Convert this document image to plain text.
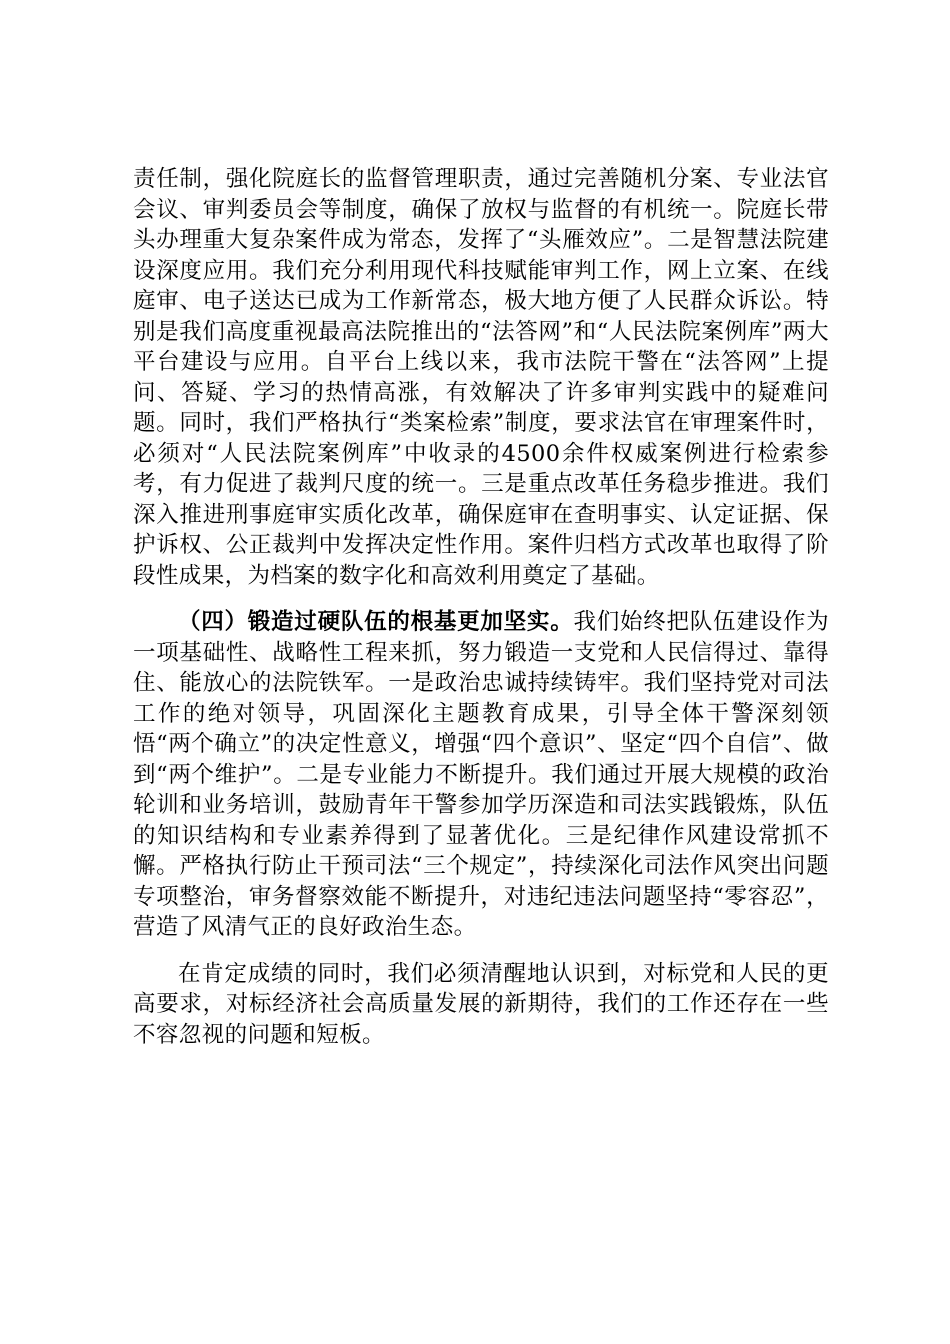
责任制，强化院庭长的监督管理职责，通过完善随机分案、专业法官会议、审判委员会等制度，确保了放权与监督的有机统一。院庭长带头办理重大复杂案件成为常态，发挥了“头雁效应”。二是智慧法院建设深度应用。我们充分利用现代科技赋能审判工作，网上立案、在线庭审、电子送达已成为工作新常态，极大地方便了人民群众诉讼。特别是我们高度重视最高法院推出的“法答网”和“人民法院案例库”两大平台建设与应用。自平台上线以来，我市法院干警在“法答网”上提问、答疑、学习的热情高涨，有效解决了许多审判实践中的疑难问题。同时，我们严格执行“类案检索”制度，要求法官在审理案件时，必须对“人民法院案例库”中收录的4500余件权威案例进行检索参考，有力促进了裁判尺度的统一。三是重点改革任务稳步推进。我们深入推进刑事庭审实质化改革，确保庭审在查明事实、认定证据、保护诉权、公正裁判中发挥决定性作用。案件归档方式改革也取得了阶段性成果，为档案的数字化和高效利用奠定了基础。

（四）锻造过硬队伍的根基更加坚实。我们始终把队伍建设作为一项基础性、战略性工程来抓，努力锻造一支党和人民信得过、靠得住、能放心的法院铁军。一是政治忠诚持续铸牢。我们坚持党对司法工作的绝对领导，巩固深化主题教育成果，引导全体干警深刻领悟“两个确立”的决定性意义，增强“四个意识”、坚定“四个自信”、做到“两个维护”。二是专业能力不断提升。我们通过开展大规模的政治轮训和业务培训，鼓励青年干警参加学历深造和司法实践锻炼，队伍的知识结构和专业素养得到了显著优化。三是纪律作风建设常抓不懈。严格执行防止干预司法“三个规定”，持续深化司法作风突出问题专项整治，审务督察效能不断提升，对违纪违法问题坚持“零容忍”，营造了风清气正的良好政治生态。

在肯定成绩的同时，我们必须清醒地认识到，对标党和人民的更高要求，对标经济社会高质量发展的新期待，我们的工作还存在一些不容忽视的问题和短板。
